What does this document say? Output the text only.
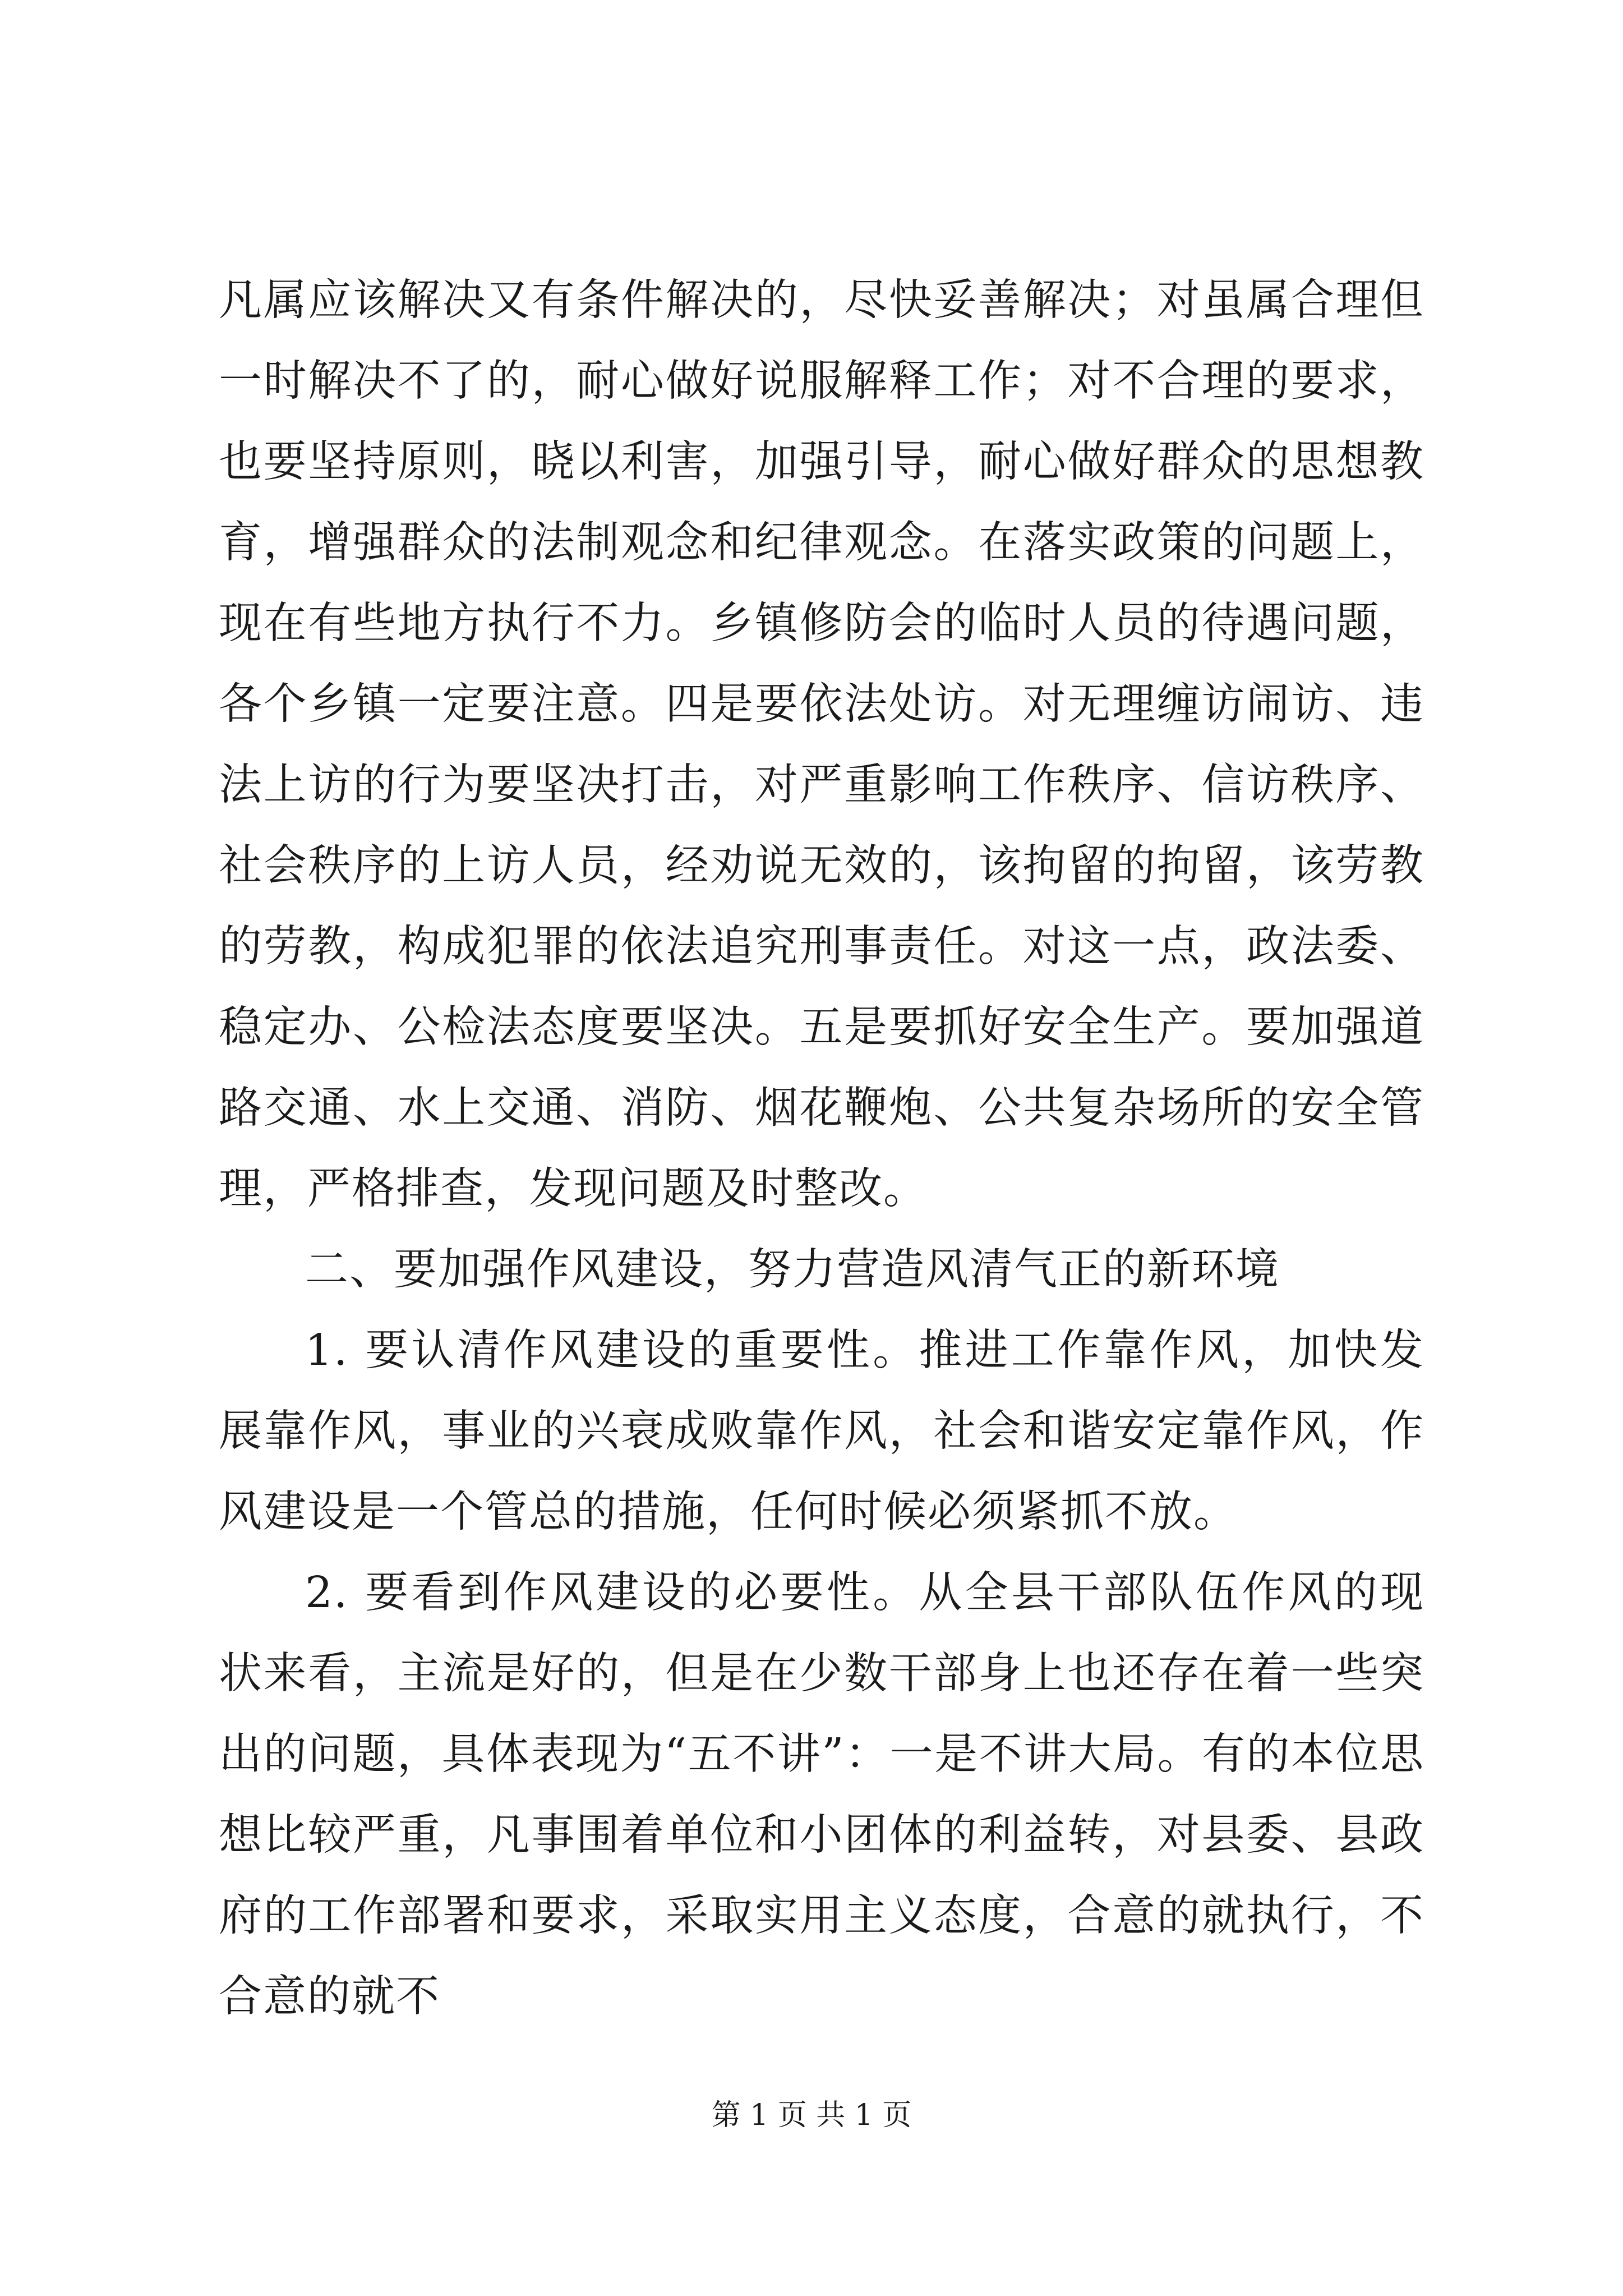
凡属应该解决又有条件解决的，尽快妥善解决；对虽属合理但一时解决不了的，耐心做好说服解释工作；对不合理的要求，也要坚持原则，晓以利害，加强引导，耐心做好群众的思想教育，增强群众的法制观念和纪律观念。在落实政策的问题上，现在有些地方执行不力。乡镇修防会的临时人员的待遇问题，各个乡镇一定要注意。四是要依法处访。对无理缠访闹访、违法上访的行为要坚决打击，对严重影响工作秩序、信访秩序、社会秩序的上访人员，经劝说无效的，该拘留的拘留，该劳教的劳教，构成犯罪的依法追究刑事责任。对这一点，政法委、稳定办、公检法态度要坚决。五是要抓好安全生产。要加强道路交通、水上交通、消防、烟花鞭炮、公共复杂场所的安全管理，严格排查，发现问题及时整改。

二、要加强作风建设，努力营造风清气正的新环境

1. 要认清作风建设的重要性。推进工作靠作风，加快发展靠作风，事业的兴衰成败靠作风，社会和谐安定靠作风，作风建设是一个管总的措施，任何时候必须紧抓不放。

2. 要看到作风建设的必要性。从全县干部队伍作风的现状来看，主流是好的，但是在少数干部身上也还存在着一些突出的问题，具体表现为“五不讲”：一是不讲大局。有的本位思想比较严重，凡事围着单位和小团体的利益转，对县委、县政府的工作部署和要求，采取实用主义态度，合意的就执行，不合意的就不

第 1 页 共 1 页
